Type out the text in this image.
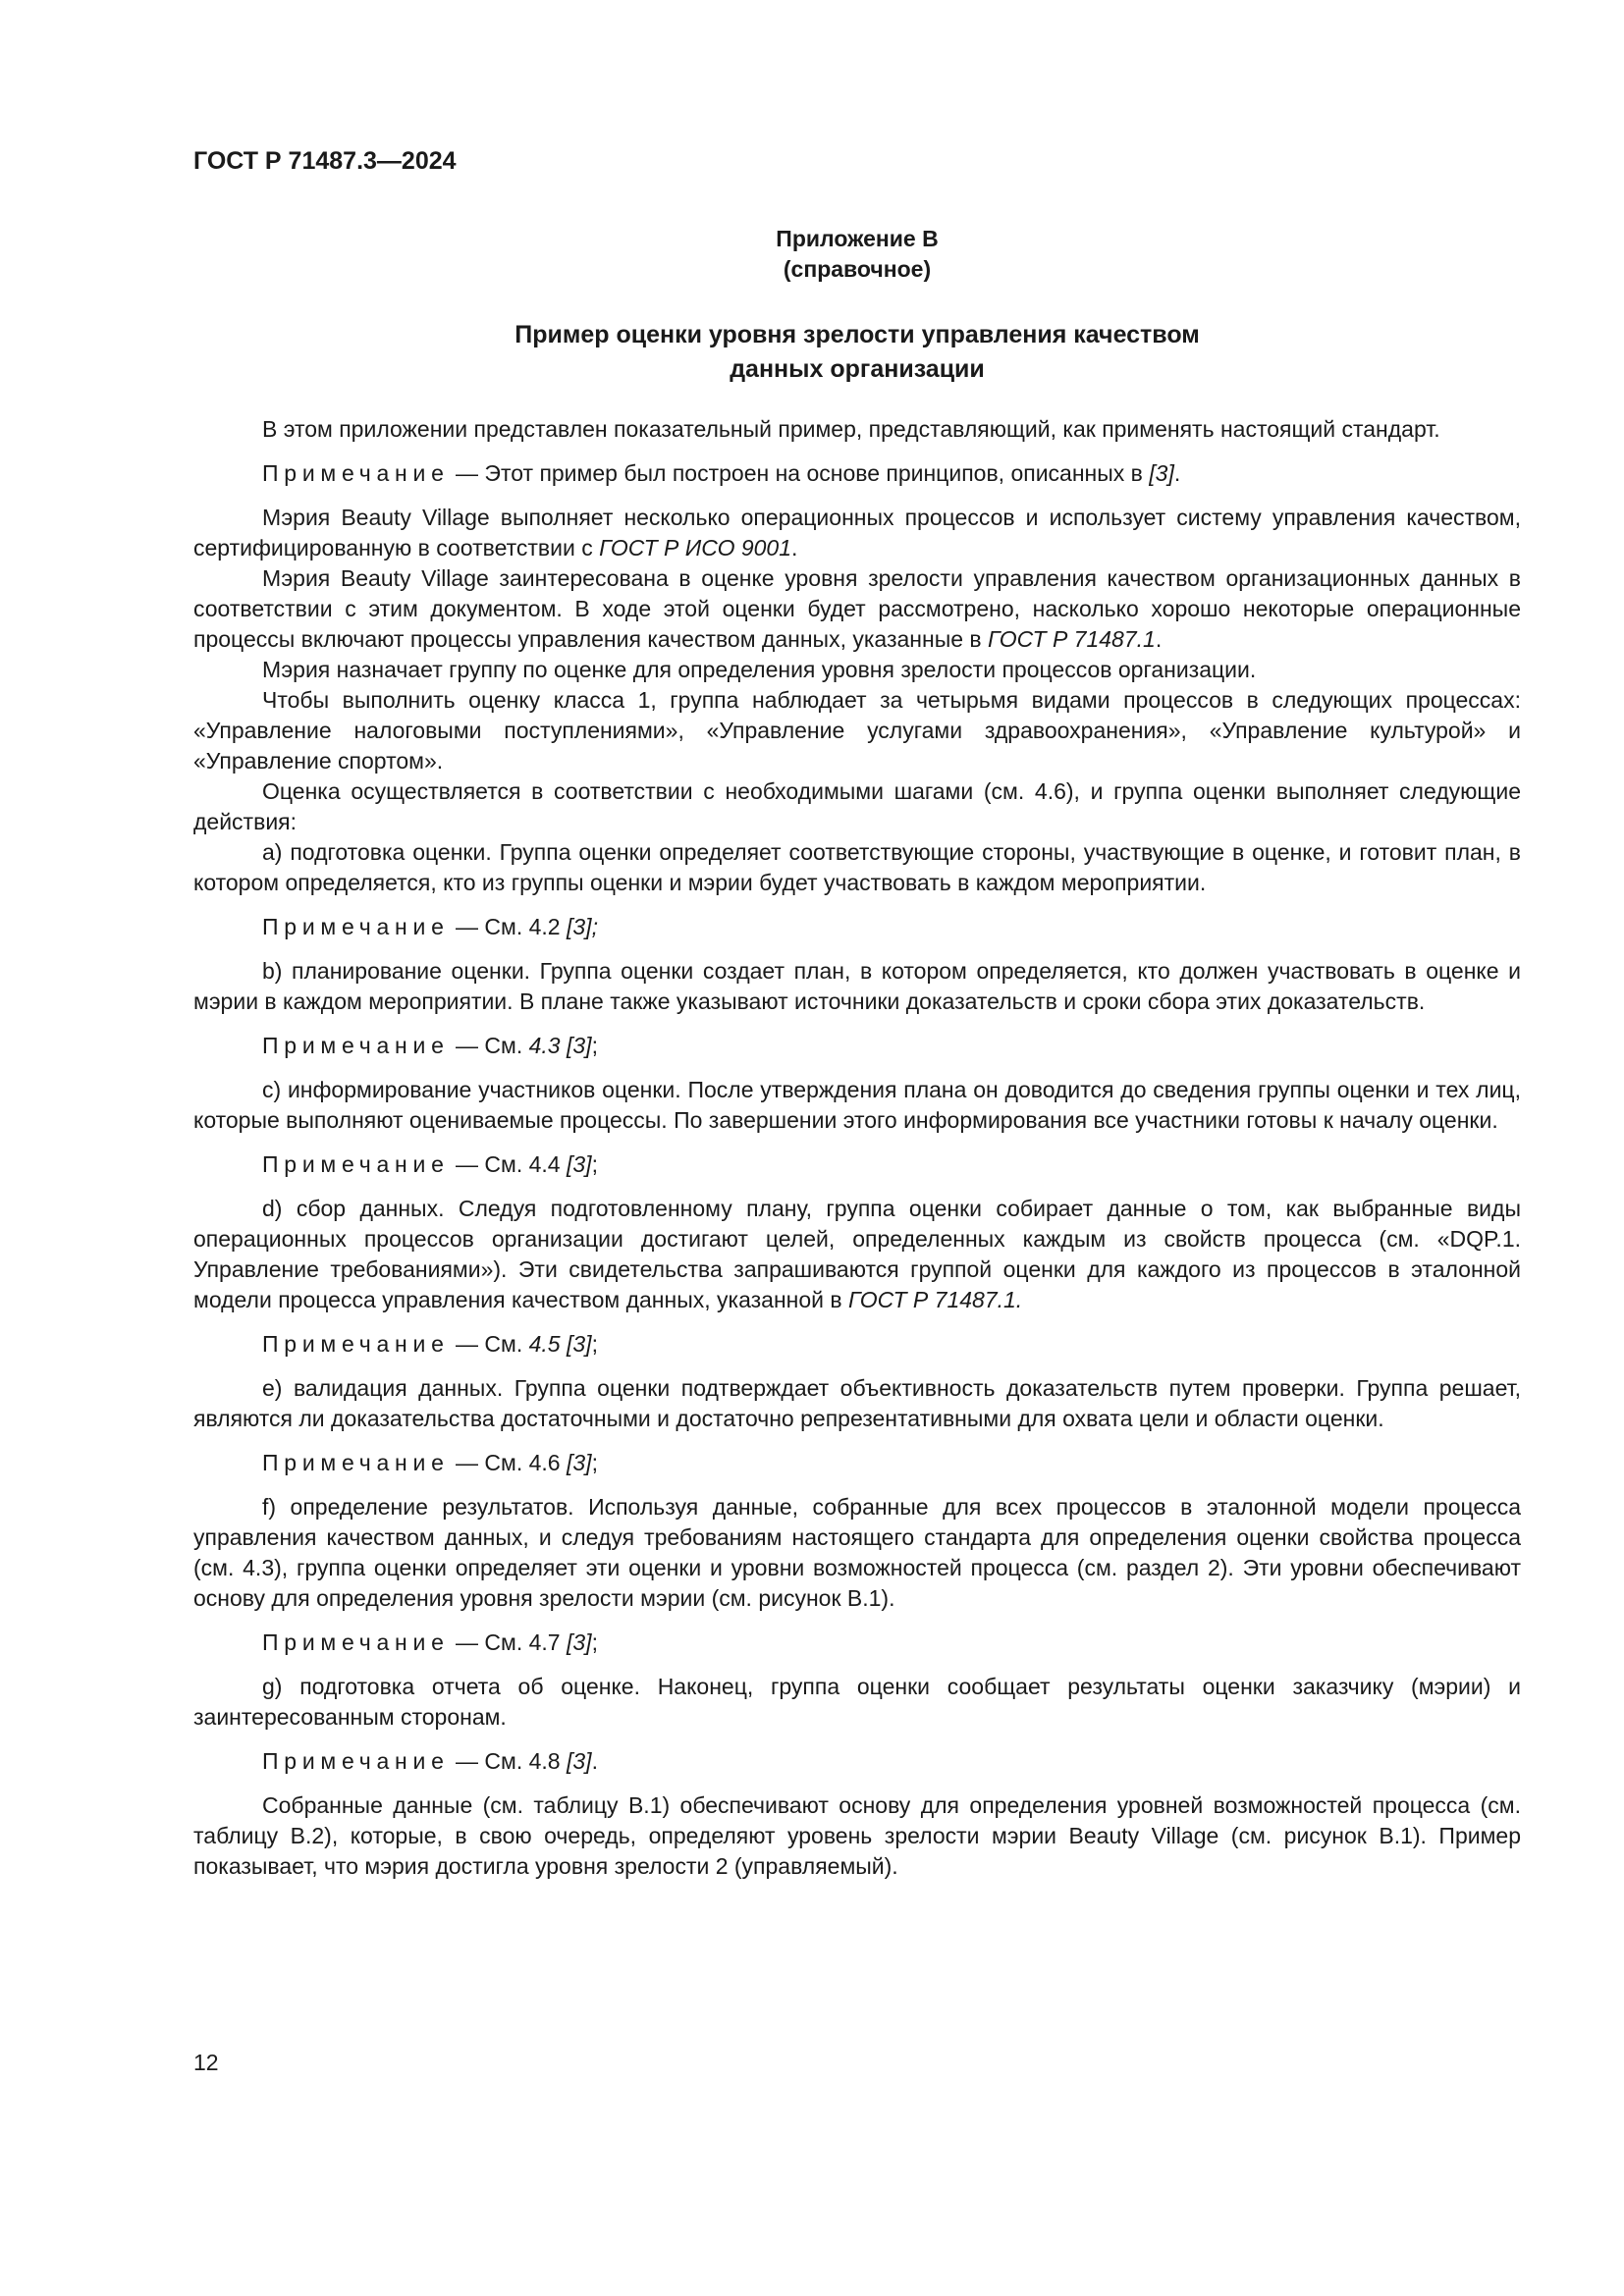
ГОСТ Р 71487.3—2024

Приложение В
(справочное)
Пример оценки уровня зрелости управления качеством
данных организации

В этом приложении представлен показательный пример, представляющий, как применять настоящий стандарт.

Примечание — Этот пример был построен на основе принципов, описанных в [3].

Мэрия Beauty Village выполняет несколько операционных процессов и использует систему управления качеством, сертифицированную в соответствии с ГОСТ Р ИСО 9001.

Мэрия Beauty Village заинтересована в оценке уровня зрелости управления качеством организационных данных в соответствии с этим документом. В ходе этой оценки будет рассмотрено, насколько хорошо некоторые операционные процессы включают процессы управления качеством данных, указанные в ГОСТ Р 71487.1.

Мэрия назначает группу по оценке для определения уровня зрелости процессов организации.

Чтобы выполнить оценку класса 1, группа наблюдает за четырьмя видами процессов в следующих процессах: «Управление налоговыми поступлениями», «Управление услугами здравоохранения», «Управление культурой» и «Управление спортом».

Оценка осуществляется в соответствии с необходимыми шагами (см. 4.6), и группа оценки выполняет следующие действия:

a) подготовка оценки. Группа оценки определяет соответствующие стороны, участвующие в оценке, и готовит план, в котором определяется, кто из группы оценки и мэрии будет участвовать в каждом мероприятии.

Примечание — См. 4.2 [3];

b) планирование оценки. Группа оценки создает план, в котором определяется, кто должен участвовать в оценке и мэрии в каждом мероприятии. В плане также указывают источники доказательств и сроки сбора этих доказательств.

Примечание — См. 4.3 [3];

c) информирование участников оценки. После утверждения плана он доводится до сведения группы оценки и тех лиц, которые выполняют оцениваемые процессы. По завершении этого информирования все участники готовы к началу оценки.

Примечание — См. 4.4 [3];

d) сбор данных. Следуя подготовленному плану, группа оценки собирает данные о том, как выбранные виды операционных процессов организации достигают целей, определенных каждым из свойств процесса (см. «DQP.1. Управление требованиями»). Эти свидетельства запрашиваются группой оценки для каждого из процессов в эталонной модели процесса управления качеством данных, указанной в ГОСТ Р 71487.1.

Примечание — См. 4.5 [3];

e) валидация данных. Группа оценки подтверждает объективность доказательств путем проверки. Группа решает, являются ли доказательства достаточными и достаточно репрезентативными для охвата цели и области оценки.

Примечание — См. 4.6 [3];

f) определение результатов. Используя данные, собранные для всех процессов в эталонной модели процесса управления качеством данных, и следуя требованиям настоящего стандарта для определения оценки свойства процесса (см. 4.3), группа оценки определяет эти оценки и уровни возможностей процесса (см. раздел 2). Эти уровни обеспечивают основу для определения уровня зрелости мэрии (см. рисунок В.1).

Примечание — См. 4.7 [3];

g) подготовка отчета об оценке. Наконец, группа оценки сообщает результаты оценки заказчику (мэрии) и заинтересованным сторонам.

Примечание — См. 4.8 [3].

Собранные данные (см. таблицу В.1) обеспечивают основу для определения уровней возможностей процесса (см. таблицу В.2), которые, в свою очередь, определяют уровень зрелости мэрии Beauty Village (см. рисунок В.1). Пример показывает, что мэрия достигла уровня зрелости 2 (управляемый).

12
